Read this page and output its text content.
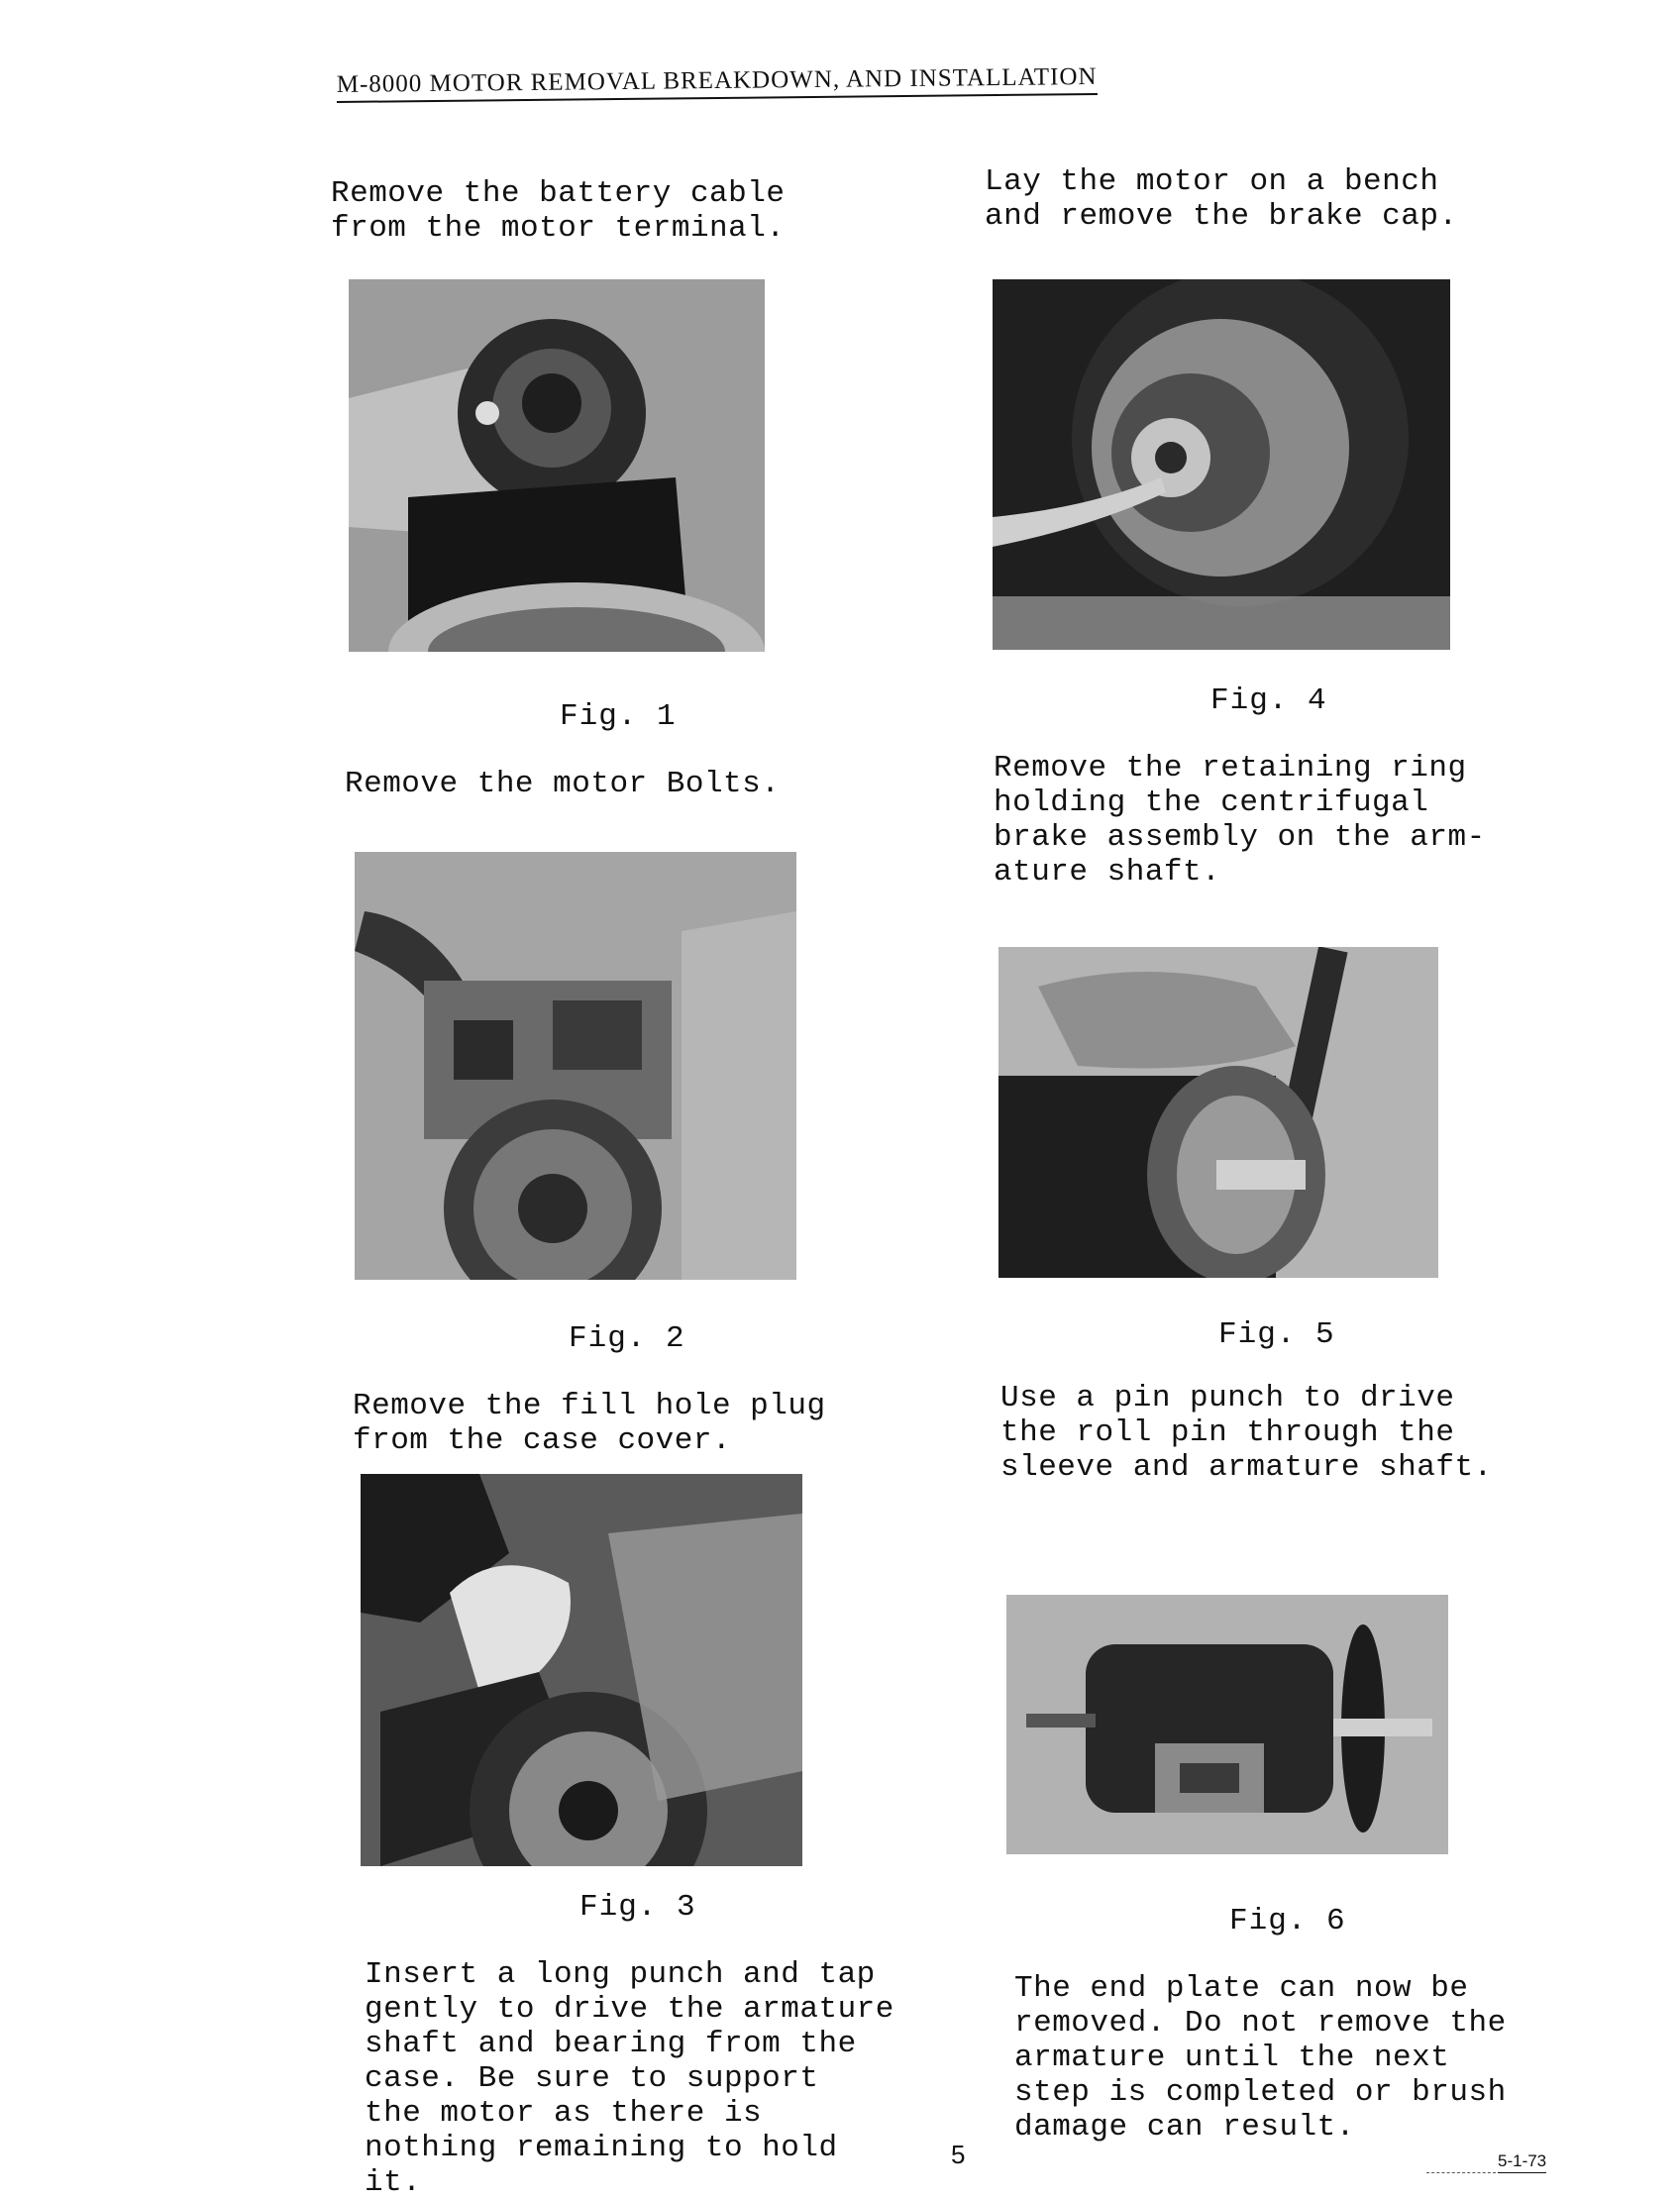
M-8000 MOTOR REMOVAL BREAKDOWN, AND INSTALLATION
Remove the battery cable
from the motor terminal.
Fig. 1
Remove the motor Bolts.
Fig. 2
Remove the fill hole plug
from the case cover.
Fig. 3
Insert a long punch and tap
gently to drive the armature
shaft and bearing from the
case. Be sure to support
the motor as there is
nothing remaining to hold
it.
Lay the motor on a bench
and remove the brake cap.
Fig. 4
Remove the retaining ring
holding the centrifugal
brake assembly on the arm-
ature shaft.
Fig. 5
Use a pin punch to drive
the roll pin through the
sleeve and armature shaft.
Fig. 6
The end plate can now be
removed. Do not remove the
armature until the next
step is completed or brush
damage can result.
5	5-1-73
